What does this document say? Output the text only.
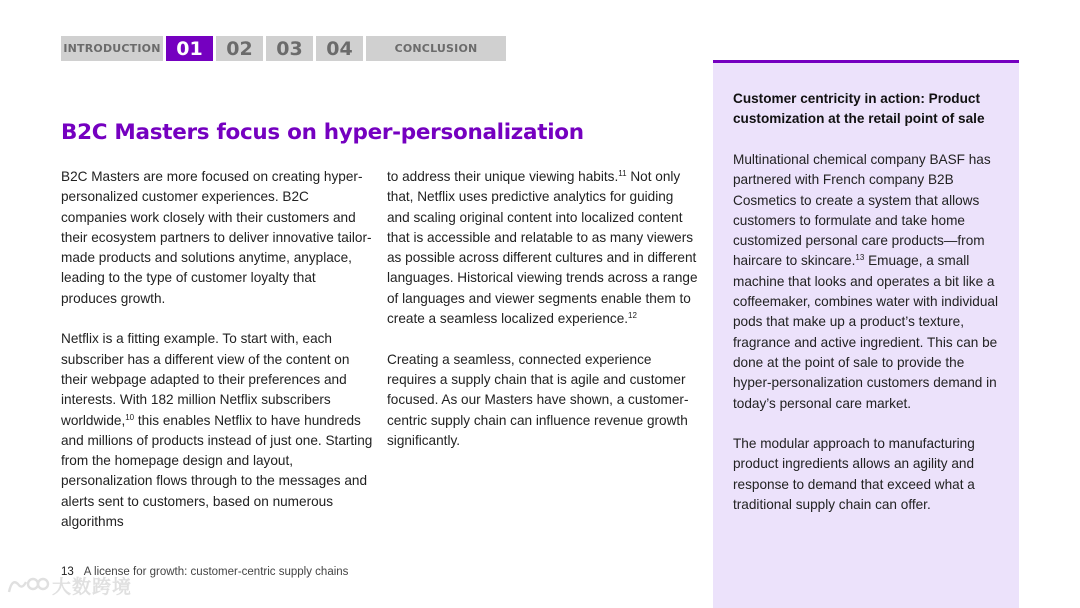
INTRODUCTION 01	02	03	04	CONCLUSION
B2C Masters focus on hyper-personalization

B2C Masters are more focused on creating hyper-personalized customer experiences. B2C companies work closely with their customers and their ecosystem partners to deliver innovative tailor-made products and solutions anytime, anyplace, leading to the type of customer loyalty that produces growth.

Netflix is a fitting example. To start with, each subscriber has a different view of the content on their webpage adapted to their preferences and interests. With 182 million Netflix subscribers worldwide,$^{10}$ this enables Netflix to have hundreds and millions of products instead of just one. Starting from the homepage design and layout, personalization flows through to the messages and alerts sent to customers, based on numerous algorithms

to address their unique viewing habits.$^{11}$ Not only that, Netflix uses predictive analytics for guiding and scaling original content into localized content that is accessible and relatable to as many viewers as possible across different cultures and in different languages. Historical viewing trends across a range of languages and viewer segments enable them to create a seamless localized experience.$^{12}$

Creating a seamless, connected experience requires a supply chain that is agile and customer focused. As our Masters have shown, a customer-centric supply chain can influence revenue growth significantly.

Customer centricity in action: Product customization at the retail point of sale

Multinational chemical company BASF has partnered with French company B2B Cosmetics to create a system that allows customers to formulate and take home customized personal care products—from haircare to skincare.$^{13}$ Emuage, a small machine that looks and operates a bit like a coffeemaker, combines water with individual pods that make up a product’s texture, fragrance and active ingredient. This can be done at the point of sale to provide the hyper-personalization customers demand in today’s personal care market.

The modular approach to manufacturing product ingredients allows an agility and response to demand that exceed what a traditional supply chain can offer.

13 A license for growth: customer-centric supply chains
大数跨境
